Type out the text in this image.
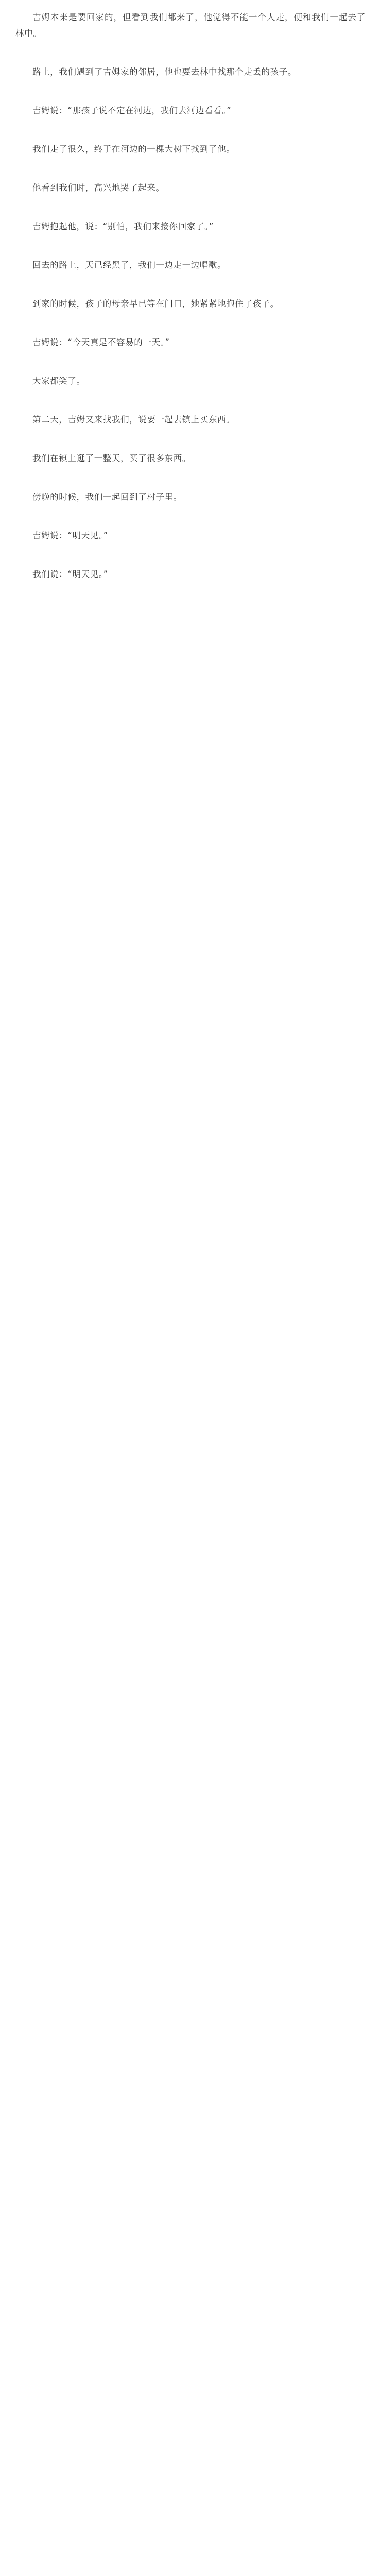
吉姆本来是要回家的，但看到我们都来了，他觉得不能一个人走，便和我们一起去了林中。

路上，我们遇到了吉姆家的邻居，他也要去林中找那个走丢的孩子。

吉姆说：“那孩子说不定在河边，我们去河边看看。”

我们走了很久，终于在河边的一棵大树下找到了他。

他看到我们时，高兴地哭了起来。

吉姆抱起他，说：“别怕，我们来接你回家了。”

回去的路上，天已经黑了，我们一边走一边唱歌。

到家的时候，孩子的母亲早已等在门口，她紧紧地抱住了孩子。

吉姆说：“今天真是不容易的一天。”

大家都笑了。

第二天，吉姆又来找我们，说要一起去镇上买东西。

我们在镇上逛了一整天，买了很多东西。

傍晚的时候，我们一起回到了村子里。

吉姆说：“明天见。”

我们说：“明天见。”
